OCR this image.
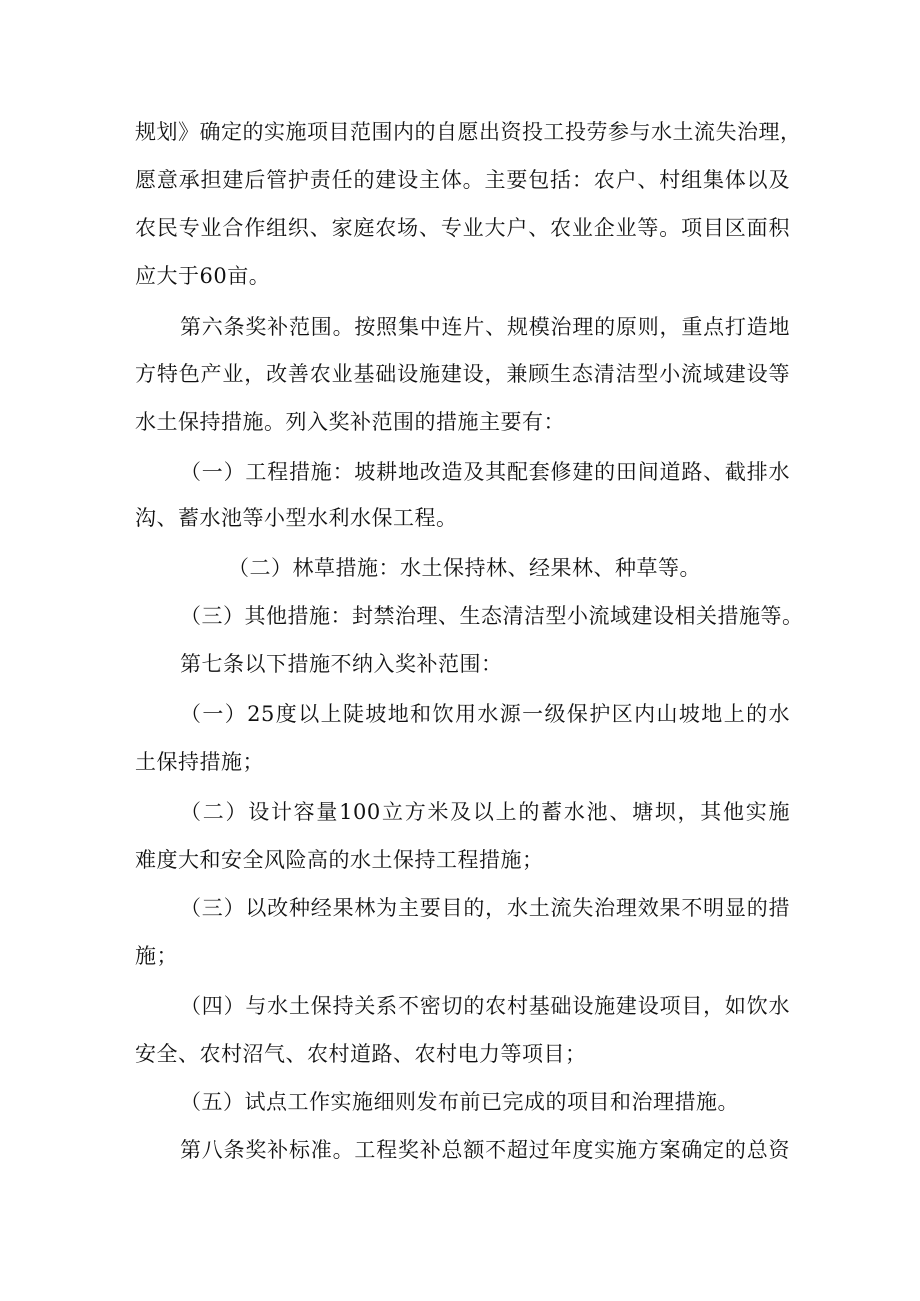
规划》确定的实施项目范围内的自愿出资投工投劳参与水土流失治理，
愿意承担建后管护责任的建设主体。主要包括：农户、村组集体以及
农民专业合作组织、家庭农场、专业大户、农业企业等。项目区面积
应大于60亩。
第六条奖补范围。按照集中连片、规模治理的原则，重点打造地
方特色产业，改善农业基础设施建设，兼顾生态清洁型小流域建设等
水土保持措施。列入奖补范围的措施主要有：
（一）工程措施：坡耕地改造及其配套修建的田间道路、截排水
沟、蓄水池等小型水利水保工程。
（二）林草措施：水土保持林、经果林、种草等。
（三）其他措施：封禁治理、生态清洁型小流域建设相关措施等。
第七条以下措施不纳入奖补范围：
（一）25度以上陡坡地和饮用水源一级保护区内山坡地上的水
土保持措施；
（二）设计容量100立方米及以上的蓄水池、塘坝，其他实施
难度大和安全风险高的水土保持工程措施；
（三）以改种经果林为主要目的，水土流失治理效果不明显的措
施；
（四）与水土保持关系不密切的农村基础设施建设项目，如饮水
安全、农村沼气、农村道路、农村电力等项目；
（五）试点工作实施细则发布前已完成的项目和治理措施。
第八条奖补标准。工程奖补总额不超过年度实施方案确定的总资
